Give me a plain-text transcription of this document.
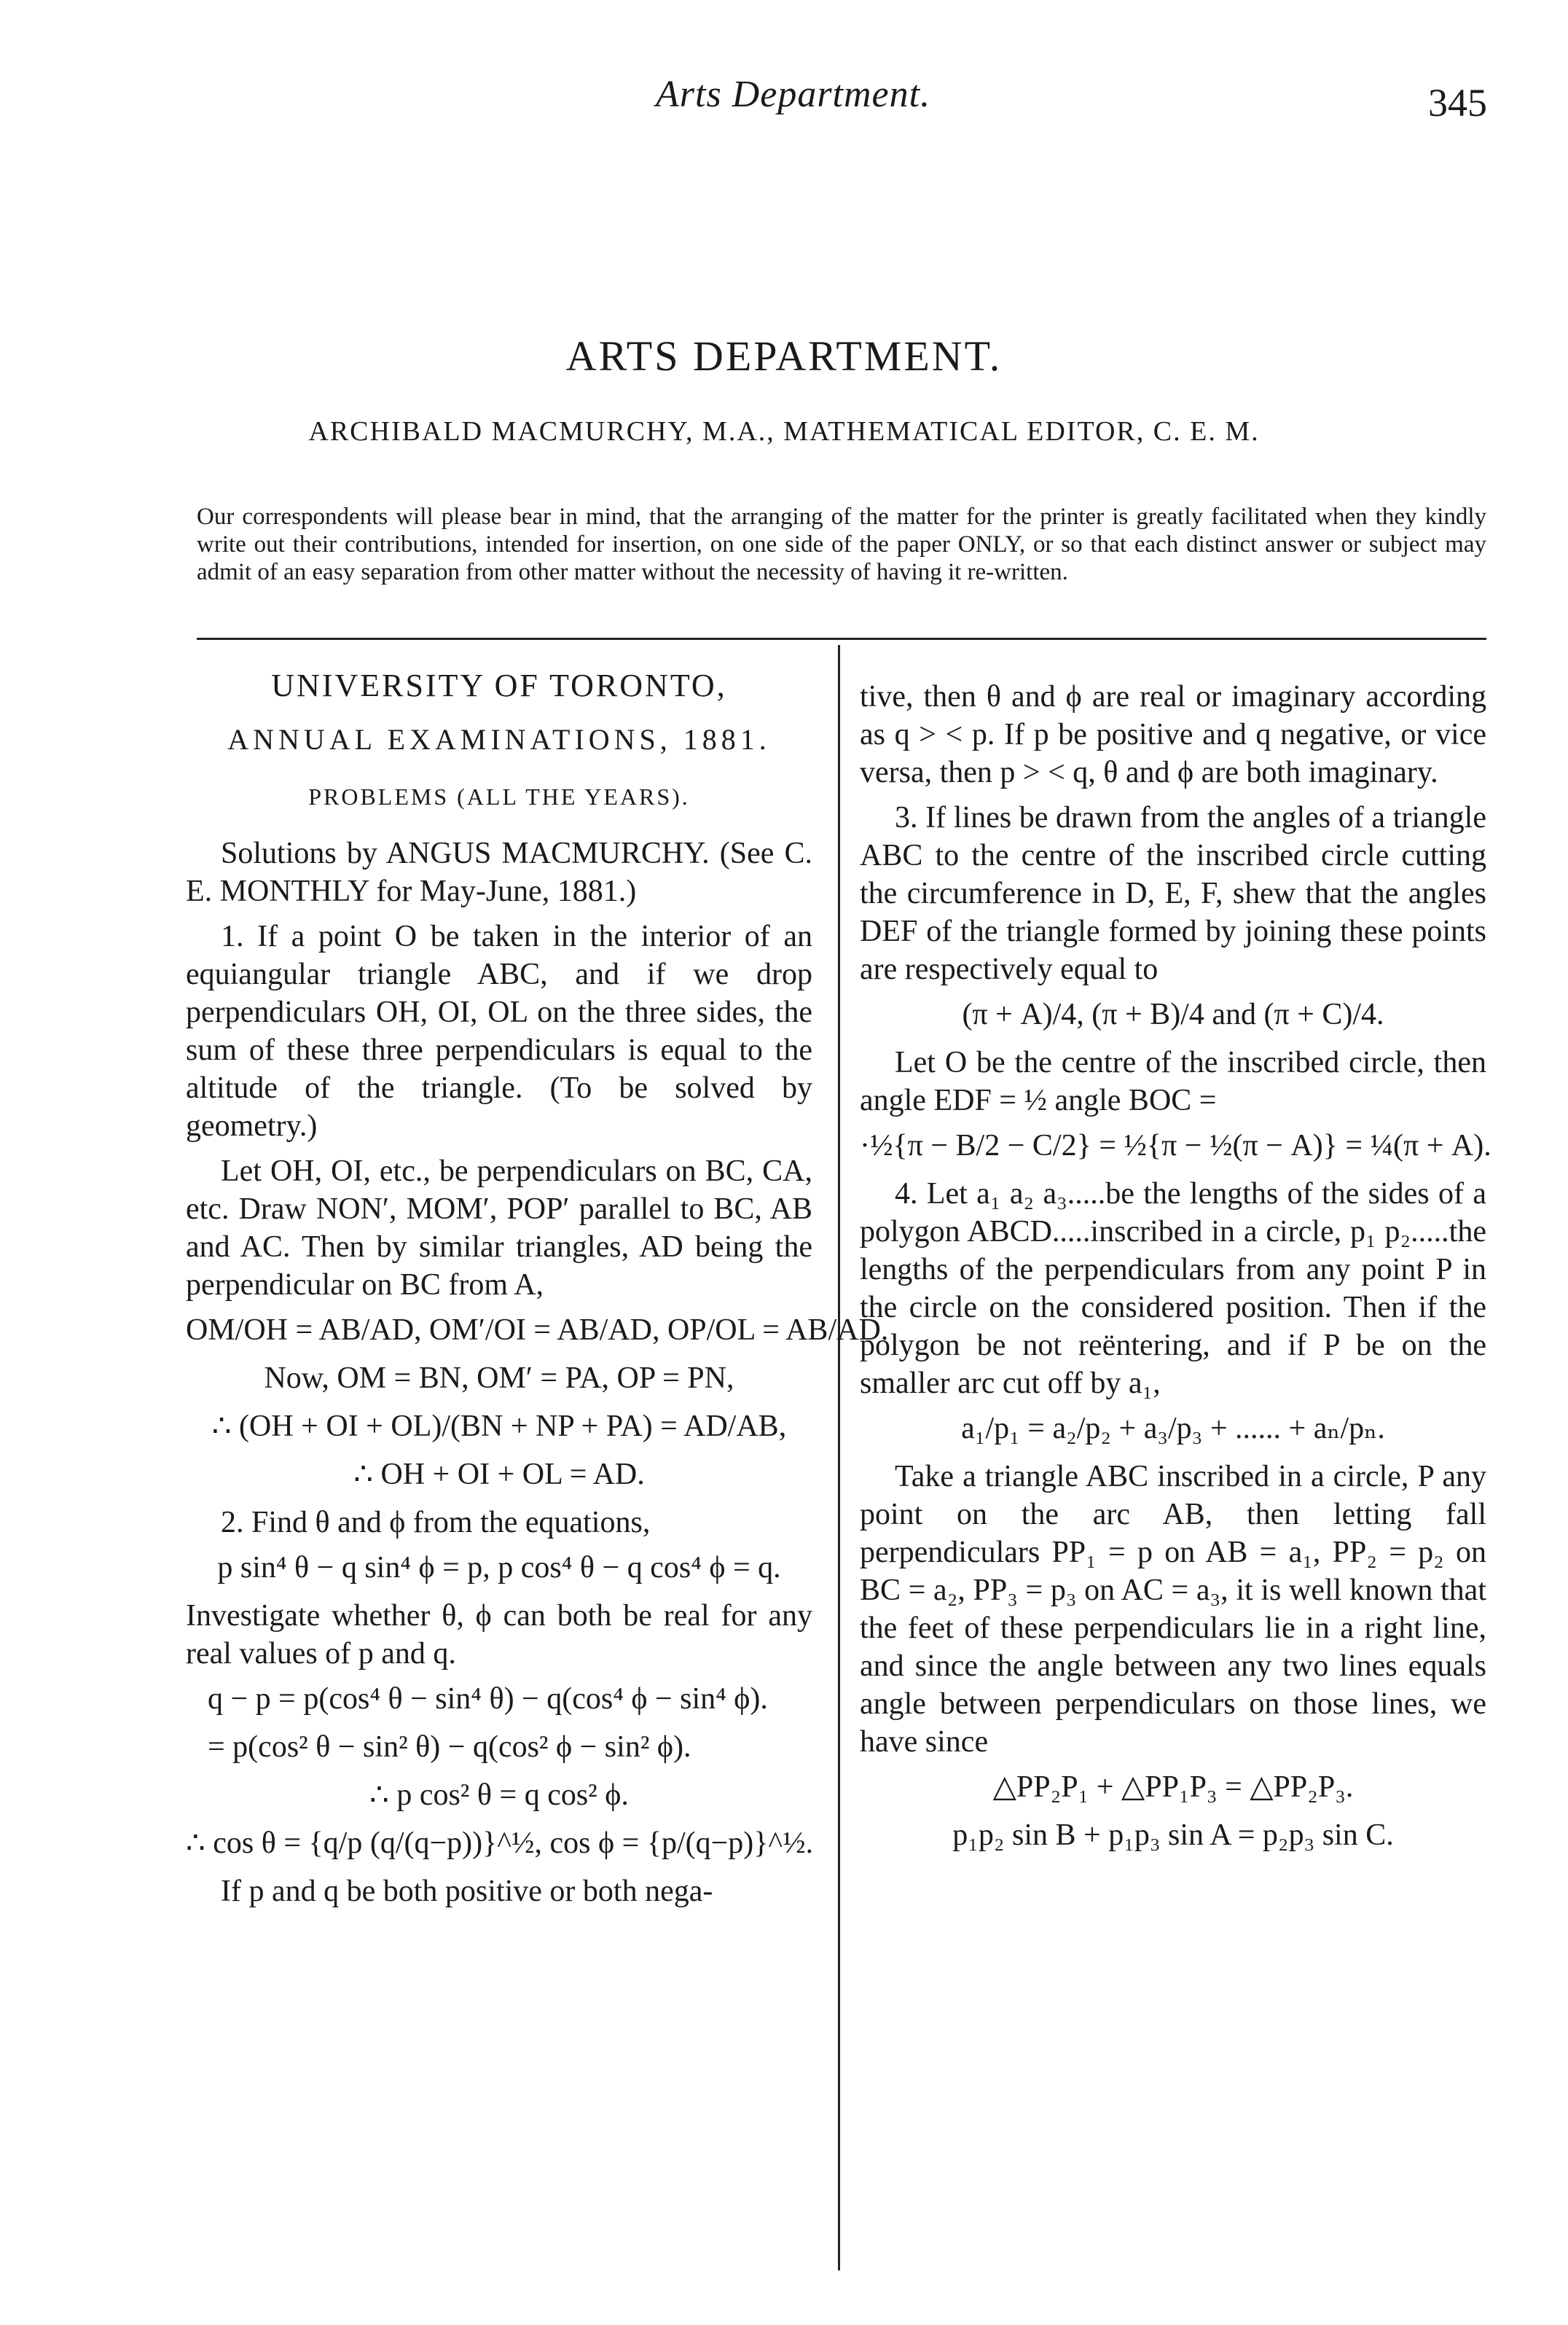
Arts Department.	345
ARTS DEPARTMENT.
ARCHIBALD MACMURCHY, M.A., MATHEMATICAL EDITOR, C. E. M.
Our correspondents will please bear in mind, that the arranging of the matter for the printer is greatly facilitated when they kindly write out their contributions, intended for insertion, on one side of the paper ONLY, or so that each distinct answer or subject may admit of an easy separation from other matter without the necessity of having it re-written.
UNIVERSITY OF TORONTO,
ANNUAL EXAMINATIONS, 1881.
PROBLEMS (ALL THE YEARS).

Solutions by ANGUS MACMURCHY. (See C. E. MONTHLY for May-June, 1881.)

1. If a point O be taken in the interior of an equiangular triangle ABC, and if we drop perpendiculars OH, OI, OL on the three sides, the sum of these three perpendiculars is equal to the altitude of the triangle. (To be solved by geometry.)

Let OH, OI, etc., be perpendiculars on BC, CA, etc. Draw NON′, MOM′, POP′ parallel to BC, AB and AC. Then by similar triangles, AD being the perpendicular on BC from A,

OM/OH = AB/AD, OM′/OI = AB/AD, OP/OL = AB/AD.
Now, OM = BN, OM′ = PA, OP = PN,
∴ (OH + OI + OL)/(BN + NP + PA) = AD/AB,
∴ OH + OI + OL = AD.

2. Find θ and ϕ from the equations,

p sin⁴ θ − q sin⁴ ϕ = p, p cos⁴ θ − q cos⁴ ϕ = q.

Investigate whether θ, ϕ can both be real for any real values of p and q.

q − p = p(cos⁴ θ − sin⁴ θ) − q(cos⁴ ϕ − sin⁴ ϕ).
= p(cos² θ − sin² θ) − q(cos² ϕ − sin² ϕ).
∴ p cos² θ = q cos² ϕ.
∴ cos θ = {q/p (q/(q−p))}^½, cos ϕ = {p/(q−p)}^½.

If p and q be both positive or both nega-

tive, then θ and ϕ are real or imaginary according as q > < p. If p be positive and q negative, or vice versa, then p > < q, θ and ϕ are both imaginary.

3. If lines be drawn from the angles of a triangle ABC to the centre of the inscribed circle cutting the circumference in D, E, F, shew that the angles DEF of the triangle formed by joining these points are respectively equal to

(π + A)/4, (π + B)/4 and (π + C)/4.

Let O be the centre of the inscribed circle, then angle EDF = ½ angle BOC =

·½{π − B/2 − C/2} = ½{π − ½(π − A)} = ¼(π + A).

4. Let a₁ a₂ a₃.....be the lengths of the sides of a polygon ABCD.....inscribed in a circle, p₁ p₂.....the lengths of the perpendiculars from any point P in the circle on the considered position. Then if the polygon be not reëntering, and if P be on the smaller arc cut off by a₁,

a₁/p₁ = a₂/p₂ + a₃/p₃ + ...... + aₙ/pₙ.

Take a triangle ABC inscribed in a circle, P any point on the arc AB, then letting fall perpendiculars PP₁ = p on AB = a₁, PP₂ = p₂ on BC = a₂, PP₃ = p₃ on AC = a₃, it is well known that the feet of these perpendiculars lie in a right line, and since the angle between any two lines equals angle between perpendiculars on those lines, we have since

△PP₂P₁ + △PP₁P₃ = △PP₂P₃.
p₁p₂ sin B + p₁p₃ sin A = p₂p₃ sin C.
